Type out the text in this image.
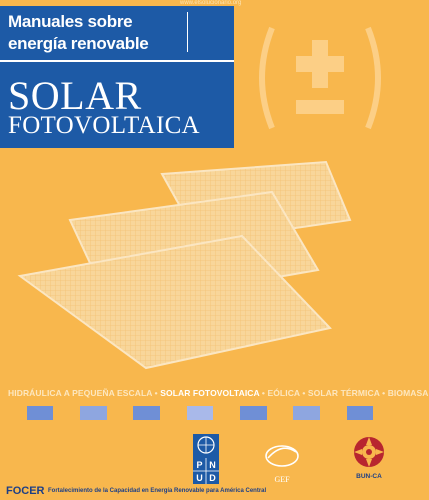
www.elsolucionario.org
Manuales sobre
energía renovable
SOLAR
FOTOVOLTAICA
HIDRÁULICA A PEQUEÑA ESCALA • SOLAR FOTOVOLTAICA • EÓLICA • SOLAR TÉRMICA • BIOMASA
P N
U D	GEF	BUN-CA
FOCER Fortalecimiento de la Capacidad en Energía Renovable para América Central
